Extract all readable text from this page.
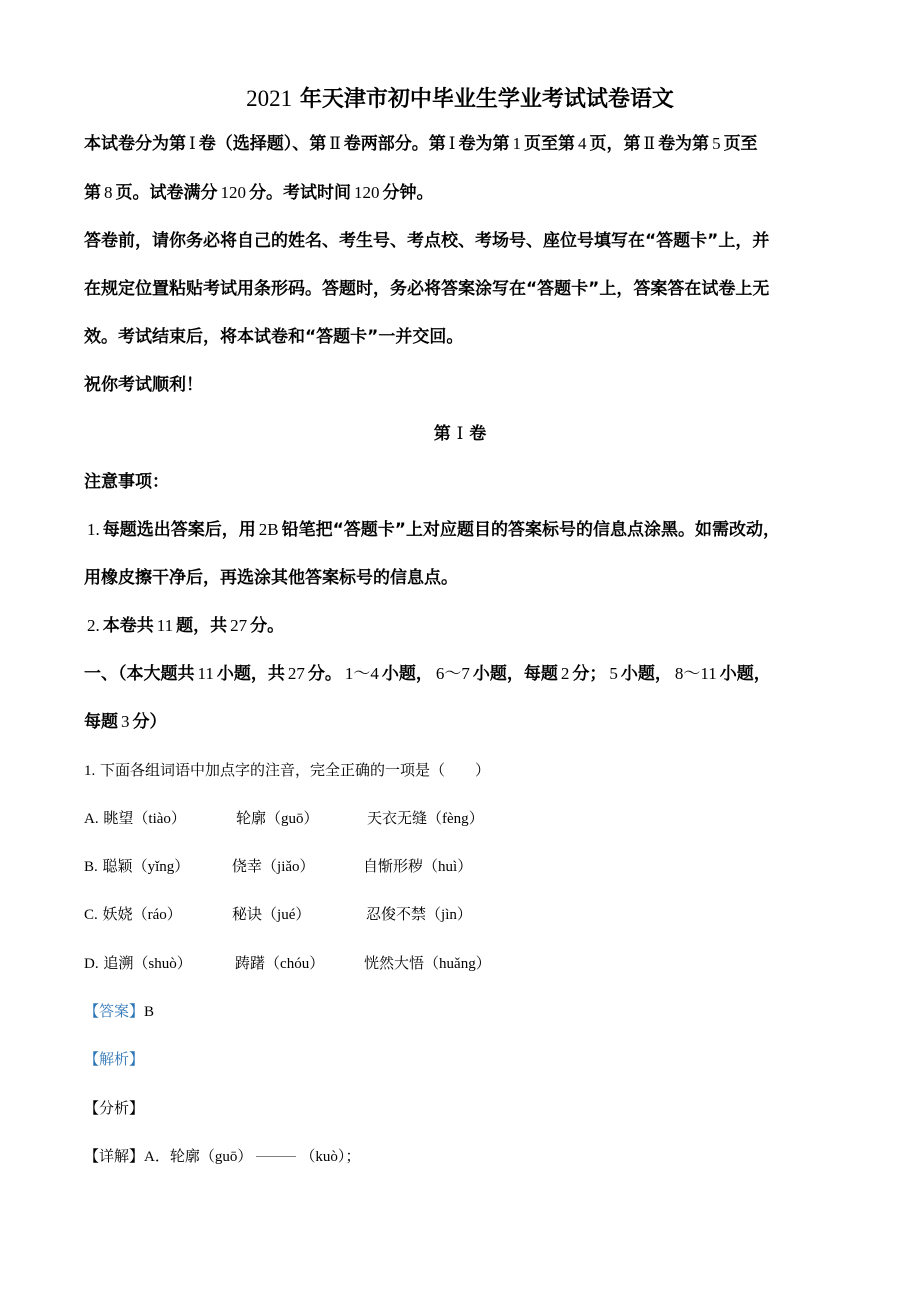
2021 年天津市初中毕业生学业考试试卷语文
本试卷分为第 Ⅰ 卷（选择题）、第 Ⅱ 卷两部分。第 Ⅰ 卷为第 1 页至第 4 页，第 Ⅱ 卷为第 5 页至
第 8 页。试卷满分 120 分。考试时间 120 分钟。
答卷前，请你务必将自己的姓名、考生号、考点校、考场号、座位号填写在“答题卡”上，并
在规定位置粘贴考试用条形码。答题时，务必将答案涂写在“答题卡”上，答案答在试卷上无
效。考试结束后，将本试卷和“答题卡”一并交回。
祝你考试顺利！
第 Ⅰ 卷
注意事项：
1. 每题选出答案后，用 2B 铅笔把“答题卡”上对应题目的答案标号的信息点涂黑。如需改动，
用橡皮擦干净后，再选涂其他答案标号的信息点。
2. 本卷共 11 题，共 27 分。
一、（本大题共 11 小题，共 27 分。 1～4 小题， 6～7 小题，每题 2 分； 5 小题， 8～11 小题，
每题 3 分）
1. 下面各组词语中加点字的注音，完全正确的一项是（　　）
A. 眺望（tiào）	轮廓（guō）	天衣无缝（fèng）
B. 聪颖（yǐng）	侥幸（jiǎo）	自惭形秽（huì）
C. 妖娆（ráo）	秘诀（jué）	忍俊不禁（jìn）
D. 追溯（shuò）	踌躇（chóu）	恍然大悟（huǎng）
【答案】B
【解析】
【分析】
【详解】A．轮廓（guō）	（kuò）；
